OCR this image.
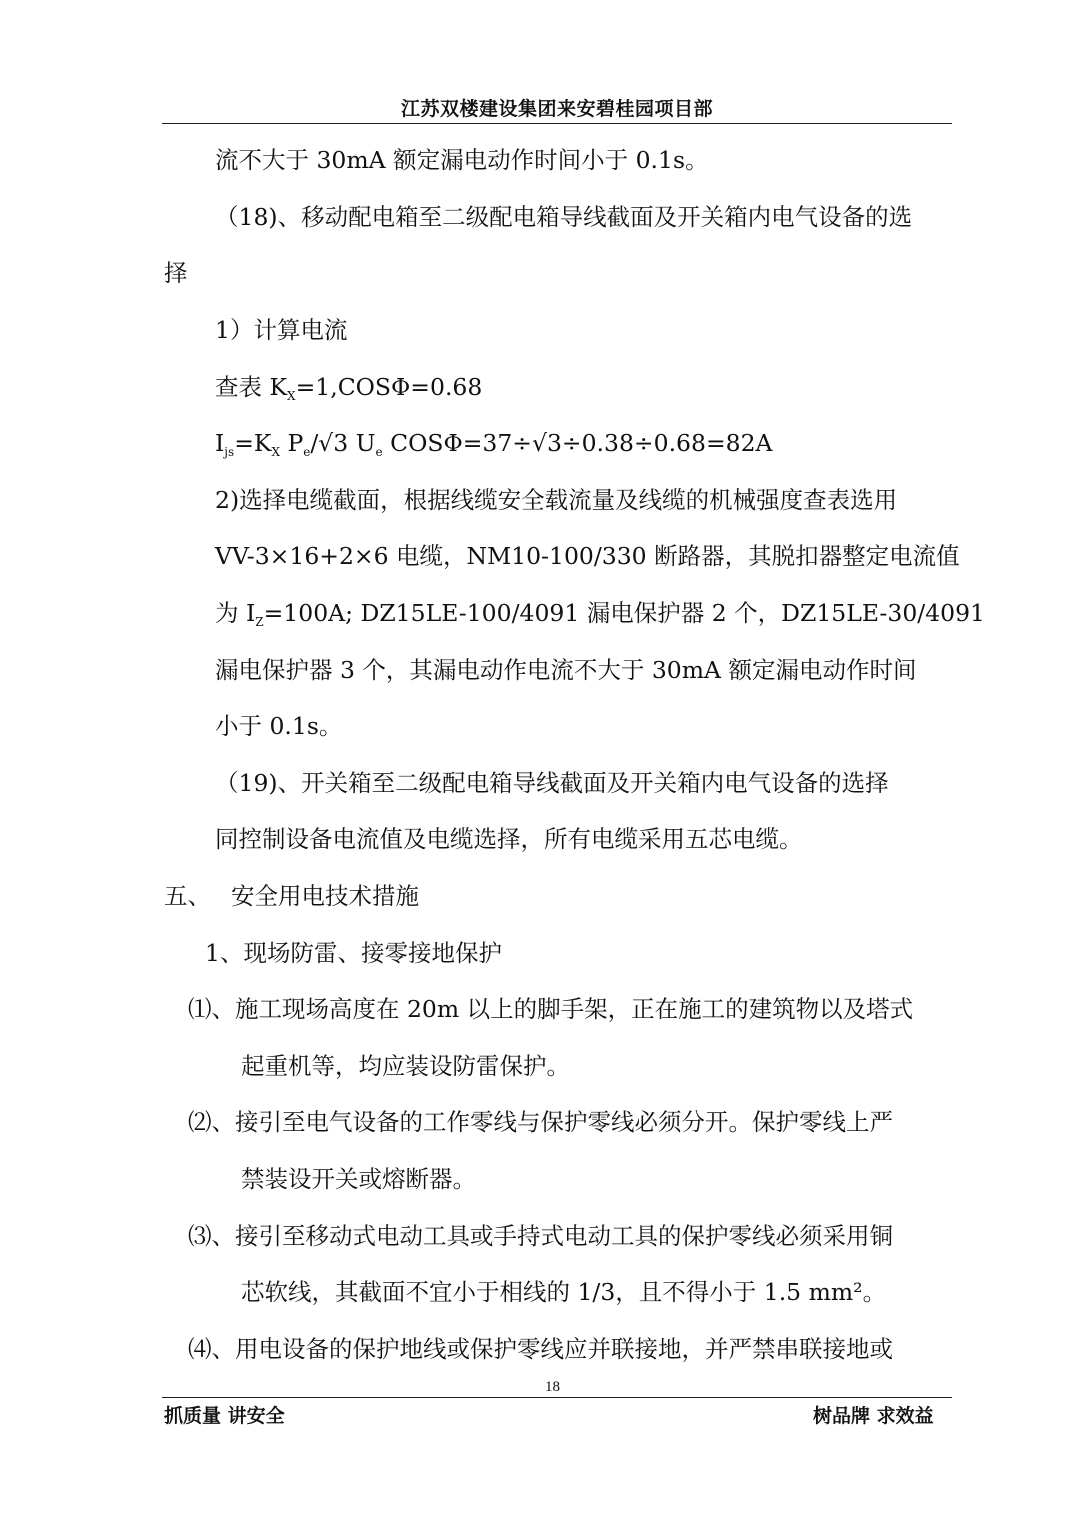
江苏双楼建设集团来安碧桂园项目部
流不大于 30mA 额定漏电动作时间小于 0.1s。
（18)、移动配电箱至二级配电箱导线截面及开关箱内电气设备的选
择
1）计算电流
查表 $K_X=1,COS\Phi=0.68$
$I_{js}=K_X$ $P_e/√3$ $U_e$ COSΦ=37÷√3÷0.38÷0.68=82A
2)选择电缆截面，根据线缆安全载流量及线缆的机械强度查表选用
VV-3×16+2×6 电缆，NM10-100/330 断路器，其脱扣器整定电流值
为 $I_Z=100A$; DZ15LE-100/4091 漏电保护器 2 个，DZ15LE-30/4091
漏电保护器 3 个，其漏电动作电流不大于 30mA 额定漏电动作时间
小于 0.1s。
（19)、开关箱至二级配电箱导线截面及开关箱内电气设备的选择
同控制设备电流值及电缆选择，所有电缆采用五芯电缆。
五、 安全用电技术措施
1、现场防雷、接零接地保护
⑴、施工现场高度在 20m 以上的脚手架，正在施工的建筑物以及塔式
起重机等，均应装设防雷保护。
⑵、接引至电气设备的工作零线与保护零线必须分开。保护零线上严
禁装设开关或熔断器。
⑶、接引至移动式电动工具或手持式电动工具的保护零线必须采用铜
芯软线，其截面不宜小于相线的 1/3，且不得小于 1.5 mm²。
⑷、用电设备的保护地线或保护零线应并联接地，并严禁串联接地或
18
抓质量 讲安全	树品牌 求效益
